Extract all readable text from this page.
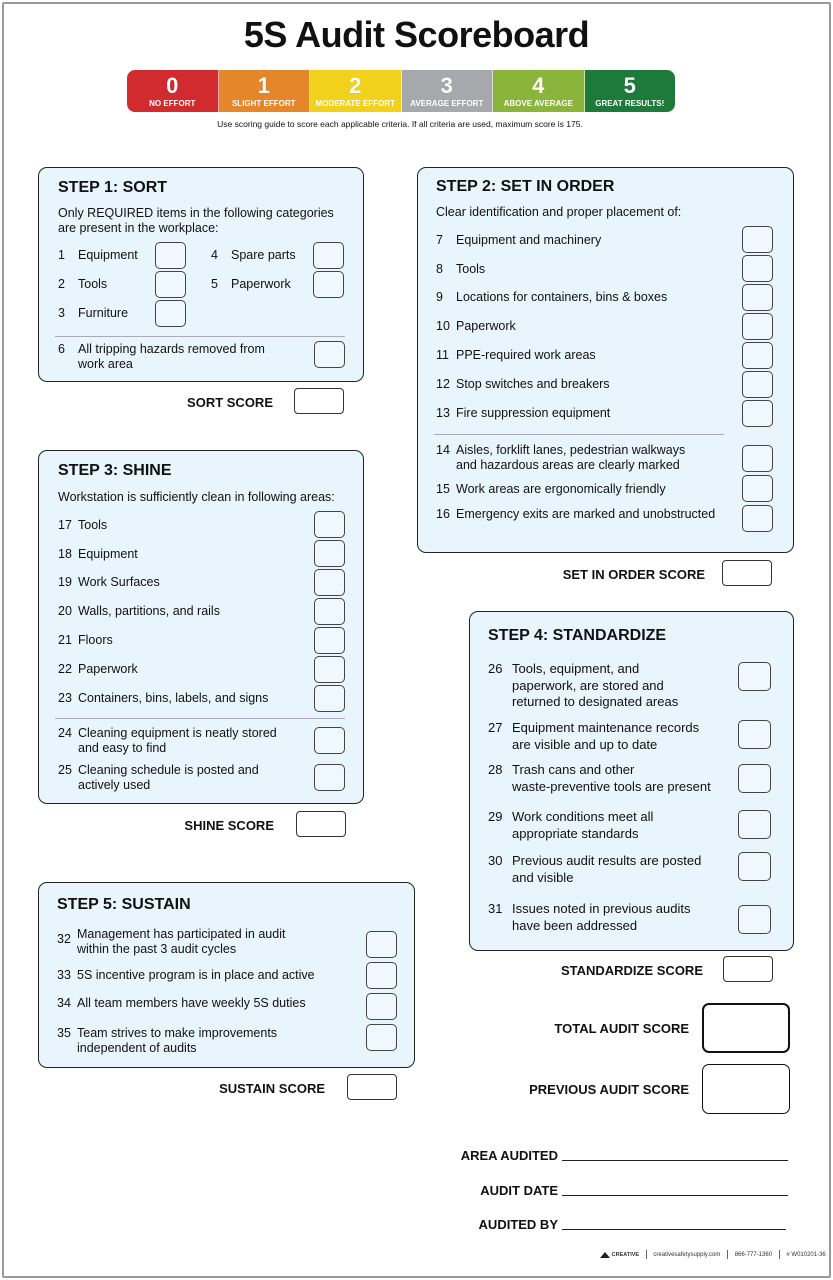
5S Audit Scoreboard
0
NO EFFORT
1
SLIGHT EFFORT
2
MODERATE EFFORT
3
AVERAGE EFFORT
4
ABOVE AVERAGE
5
GREAT RESULTS!
Use scoring guide to score each applicable criteria. If all criteria are used, maximum score is 175.
STEP 1: SORT
Only REQUIRED items in the following categories
are present in the workplace:
1	Equipment
2	Tools
3	Furniture
4	Spare parts
5	Paperwork
6	All tripping hazards removed from
work area
SORT SCORE
STEP 2: SET IN ORDER
Clear identification and proper placement of:
7	Equipment and machinery
8	Tools
9	Locations for containers, bins & boxes
10 Paperwork
11 PPE-required work areas
12 Stop switches and breakers
13 Fire suppression equipment
14 Aisles, forklift lanes, pedestrian walkways
and hazardous areas are clearly marked
15 Work areas are ergonomically friendly
16 Emergency exits are marked and unobstructed
SET IN ORDER SCORE
STEP 3: SHINE
Workstation is sufficiently clean in following areas:
17 Tools
18 Equipment
19 Work Surfaces
20 Walls, partitions, and rails
21 Floors
22 Paperwork
23 Containers, bins, labels, and signs
24 Cleaning equipment is neatly stored
and easy to find
25 Cleaning schedule is posted and
actively used
SHINE SCORE
STEP 4: STANDARDIZE
26 Tools, equipment, and
paperwork, are stored and
returned to designated areas
27 Equipment maintenance records
are visible and up to date
28 Trash cans and other
waste-preventive tools are present
29 Work conditions meet all
appropriate standards
30 Previous audit results are posted
and visible
31 Issues noted in previous audits
have been addressed
STANDARDIZE SCORE
STEP 5: SUSTAIN
32 Management has participated in audit
within the past 3 audit cycles
33 5S incentive program is in place and active
34 All team members have weekly 5S duties
35 Team strives to make improvements
independent of audits
SUSTAIN SCORE
TOTAL AUDIT SCORE
PREVIOUS AUDIT SCORE
AREA AUDITED
AUDIT DATE
AUDITED BY
CREATIVE creativesafetysupply.com 866-777-1360 # W010201-36
